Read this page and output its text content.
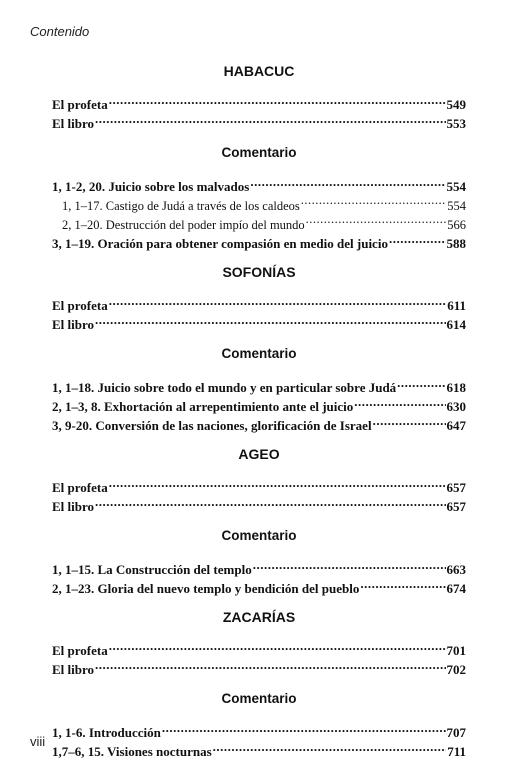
Contenido
HABACUC
El profeta .....	549
El libro .....	553
Comentario
1, 1-2, 20. Juicio sobre los malvados .....	554
1, 1–17. Castigo de Judá a través de los caldeos .....	554
2, 1–20. Destrucción del poder impío del mundo .....	566
3, 1–19. Oración para obtener compasión en medio del juicio .....	588
SOFONÍAS
El profeta .....	611
El libro .....	614
Comentario
1, 1–18. Juicio sobre todo el mundo y en particular sobre Judá .....	618
2, 1–3, 8. Exhortación al arrepentimiento ante el juicio .....	630
3, 9-20. Conversión de las naciones, glorificación de Israel .....	647
AGEO
El profeta .....	657
El libro .....	657
Comentario
1, 1–15. La Construcción del templo .....	663
2, 1–23. Gloria del nuevo templo y bendición del pueblo .....	674
ZACARÍAS
El profeta .....	701
El libro .....	702
Comentario
1, 1-6. Introducción .....	707
1,7–6, 15. Visiones nocturnas .....	711
viii
